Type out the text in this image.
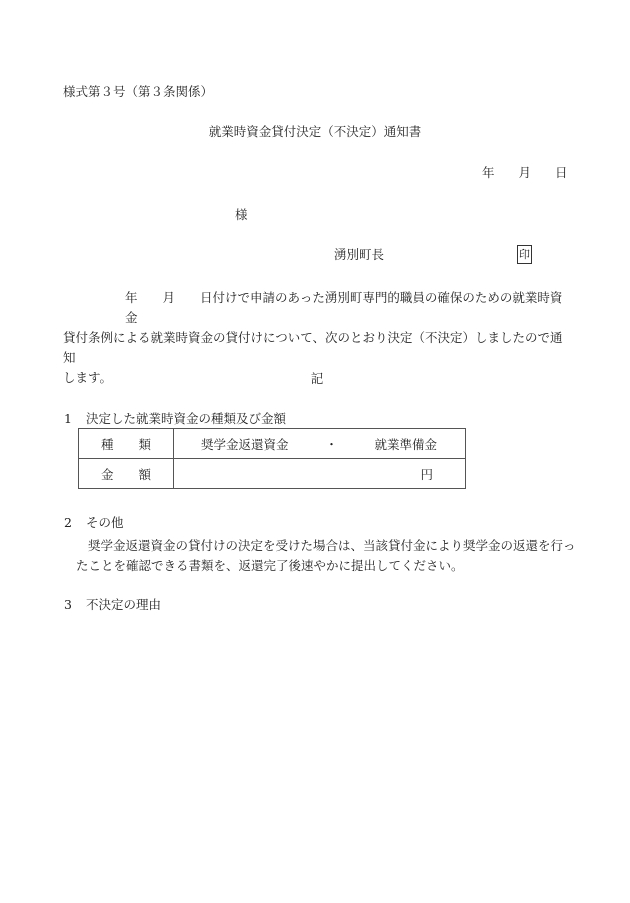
様式第３号（第３条関係）
就業時資金貸付決定（不決定）通知書
年 月 日
様
湧別町長	印

年　　月　　日付けで申請のあった湧別町専門的職員の確保のための就業時資金

貸付条例による就業時資金の貸付けについて、次のとおり決定（不決定）しましたので通知

します。	記
1 決定した就業時資金の種類及び金額
種　　類	奨学金返還資金 ・ 就業準備金

金　　額	円
2 その他
奨学金返還資金の貸付けの決定を受けた場合は、当該貸付金により奨学金の返還を行っ
たことを確認できる書類を、返還完了後速やかに提出してください。
3 不決定の理由
